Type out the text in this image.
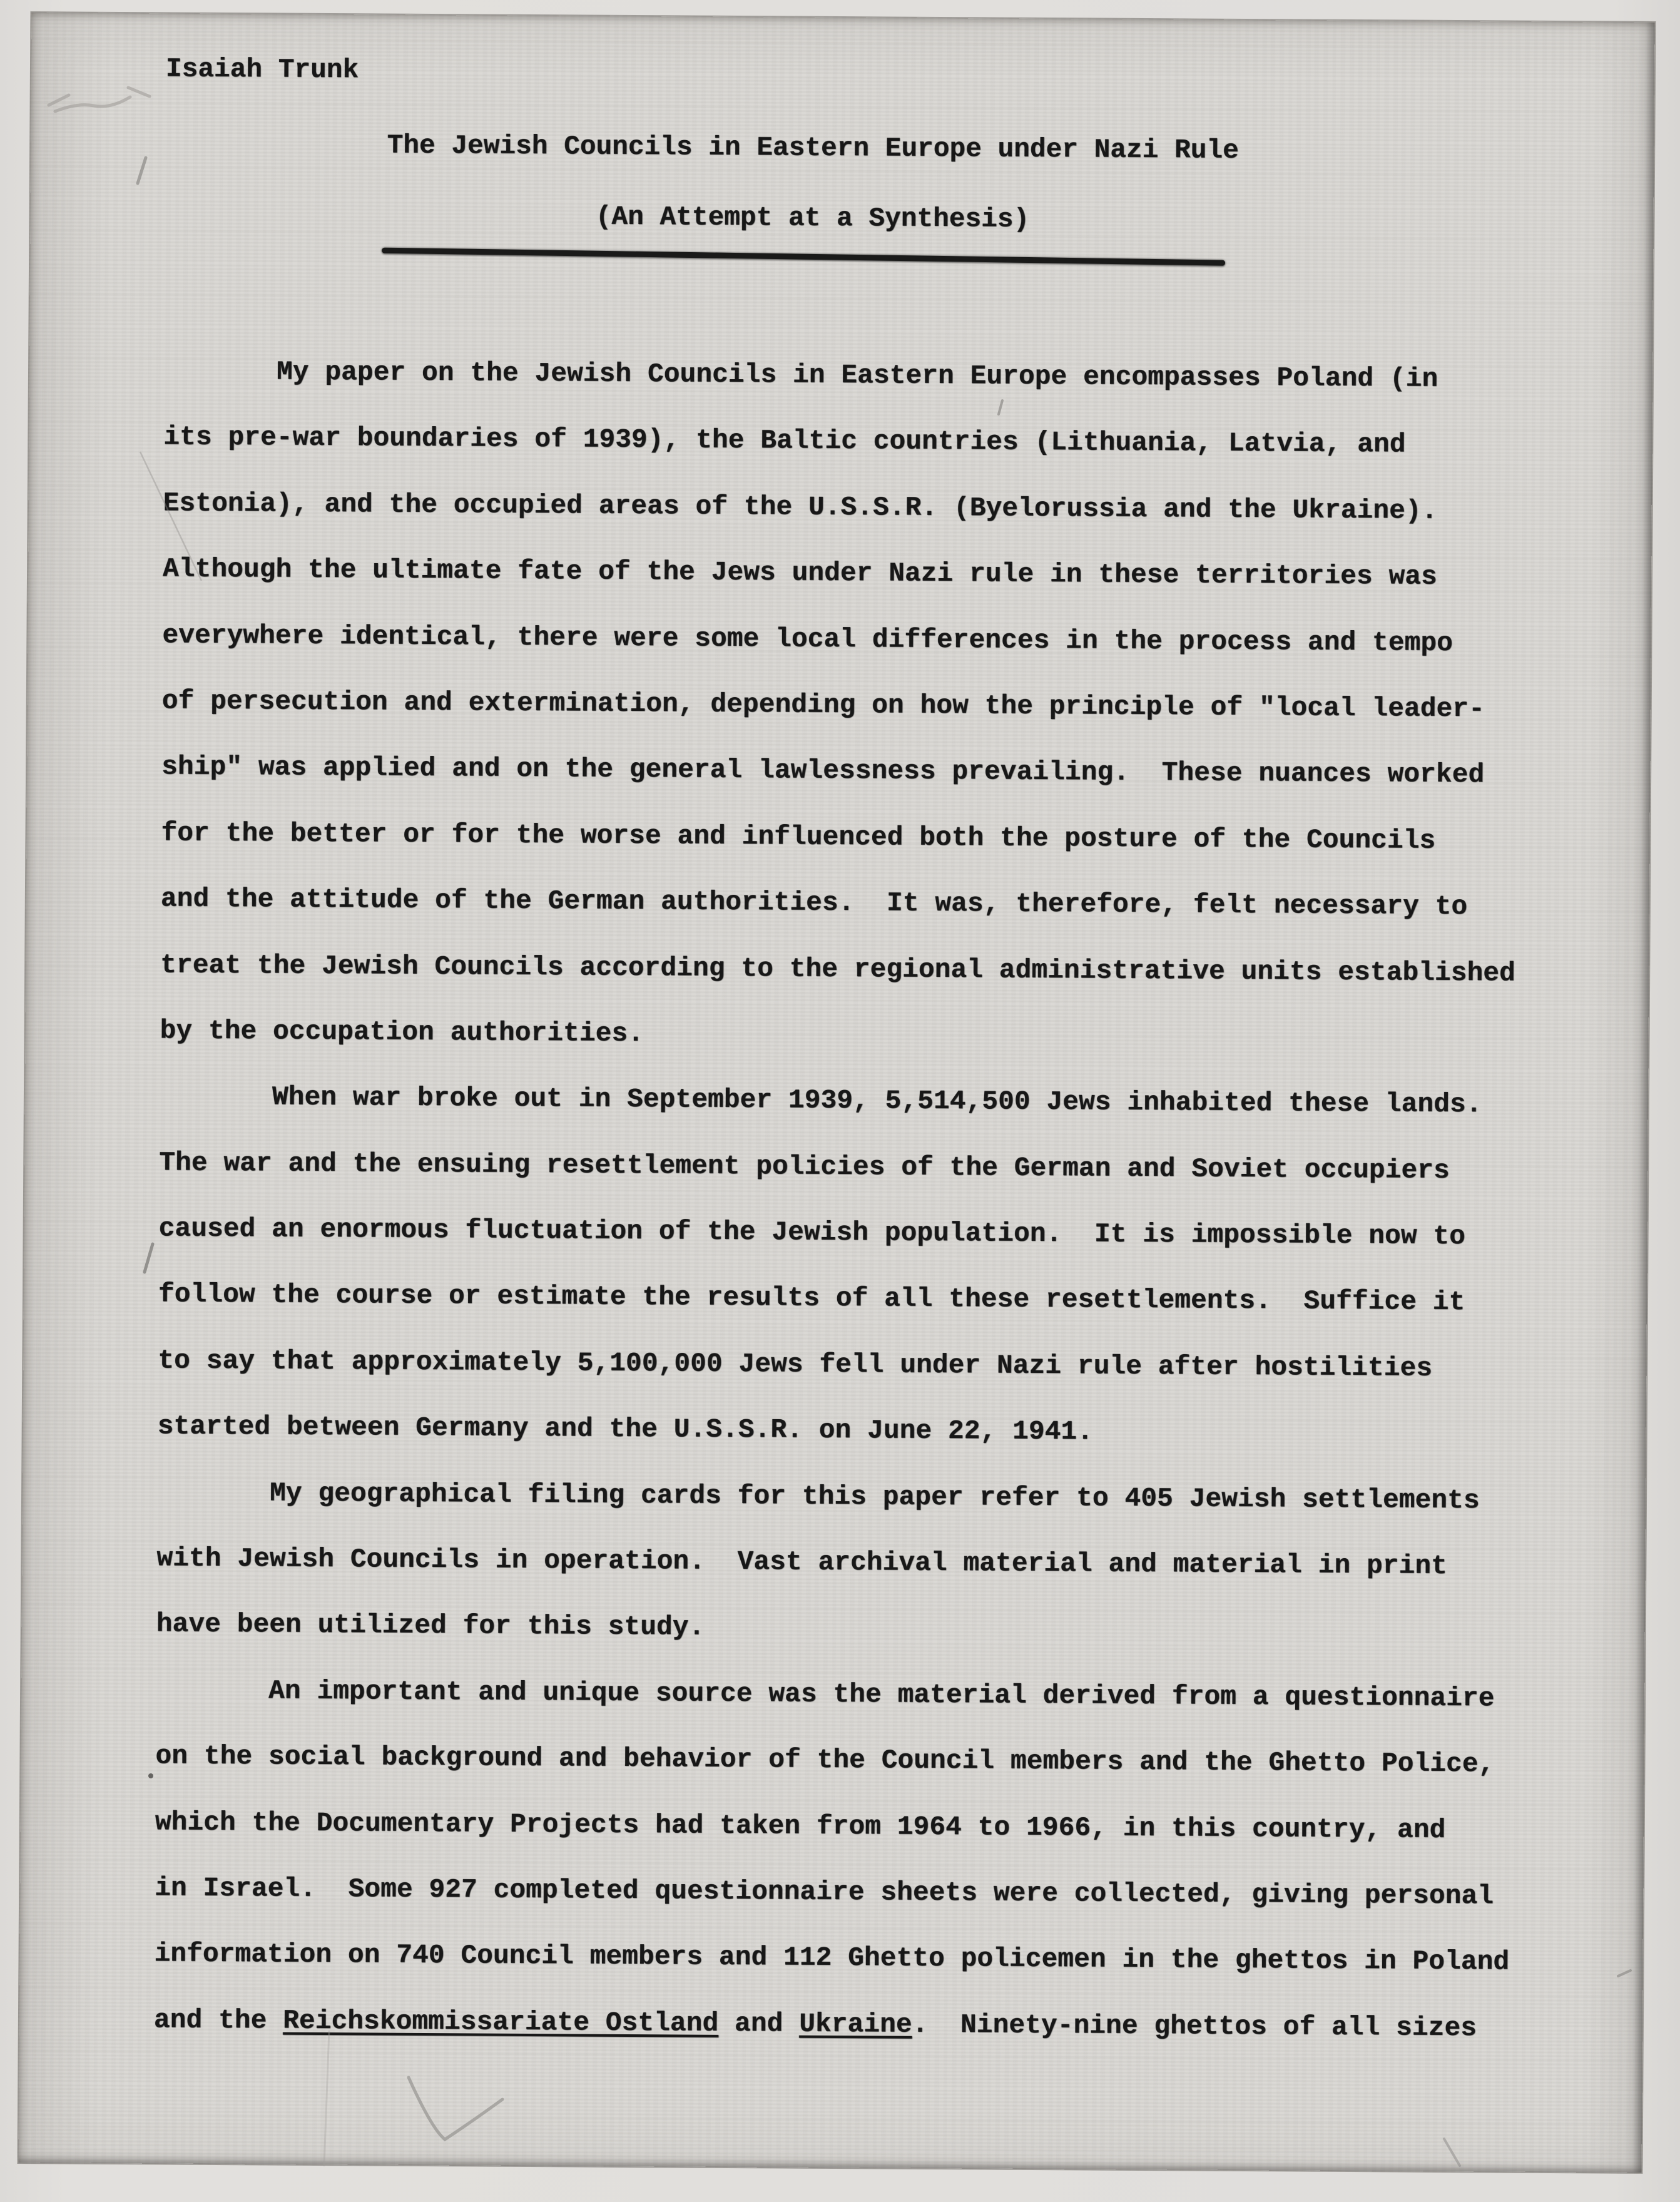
Isaiah Trunk
The Jewish Councils in Eastern Europe under Nazi Rule
(An Attempt at a Synthesis)
My paper on the Jewish Councils in Eastern Europe encompasses Poland (in
its pre-war boundaries of 1939), the Baltic countries (Lithuania, Latvia, and
Estonia), and the occupied areas of the U.S.S.R. (Byelorussia and the Ukraine).
Although the ultimate fate of the Jews under Nazi rule in these territories was
everywhere identical, there were some local differences in the process and tempo
of persecution and extermination, depending on how the principle of "local leader-
ship" was applied and on the general lawlessness prevailing.  These nuances worked
for the better or for the worse and influenced both the posture of the Councils
and the attitude of the German authorities.  It was, therefore, felt necessary to
treat the Jewish Councils according to the regional administrative units established
by the occupation authorities.
When war broke out in September 1939, 5,514,500 Jews inhabited these lands.
The war and the ensuing resettlement policies of the German and Soviet occupiers
caused an enormous fluctuation of the Jewish population.  It is impossible now to
follow the course or estimate the results of all these resettlements.  Suffice it
to say that approximately 5,100,000 Jews fell under Nazi rule after hostilities
started between Germany and the U.S.S.R. on June 22, 1941.
My geographical filing cards for this paper refer to 405 Jewish settlements
with Jewish Councils in operation.  Vast archival material and material in print
have been utilized for this study.
An important and unique source was the material derived from a questionnaire
on the social background and behavior of the Council members and the Ghetto Police,
which the Documentary Projects had taken from 1964 to 1966, in this country, and
in Israel.  Some 927 completed questionnaire sheets were collected, giving personal
information on 740 Council members and 112 Ghetto policemen in the ghettos in Poland
and the Reichskommissariate Ostland and Ukraine.  Ninety-nine ghettos of all sizes
